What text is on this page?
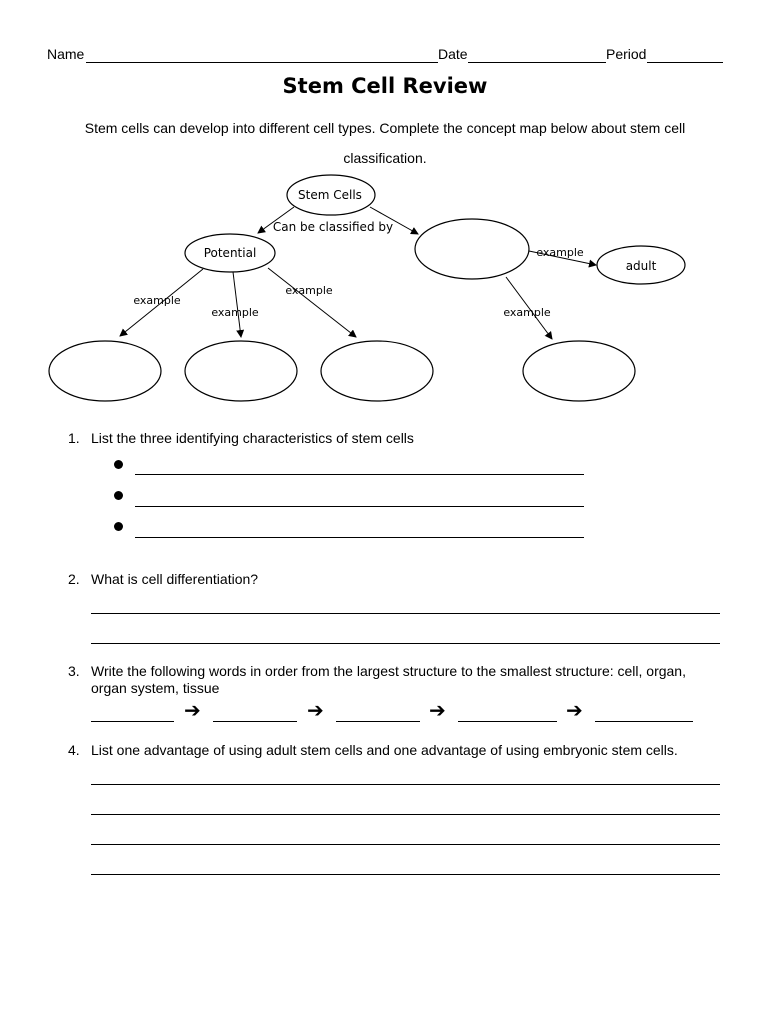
Name	Date	Period
Stem Cell Review
Stem cells can develop into different cell types. Complete the concept map below about stem cell classification.
Stem Cells
Can be classified by
Potential
adult
example
example
example
example
example
1. List the three identifying characteristics of stem cells
2. What is cell differentiation?
3. Write the following words in order from the largest structure to the smallest structure: cell, organ, organ system, tissue
➔	➔	➔	➔
4. List one advantage of using adult stem cells and one advantage of using embryonic stem cells.
